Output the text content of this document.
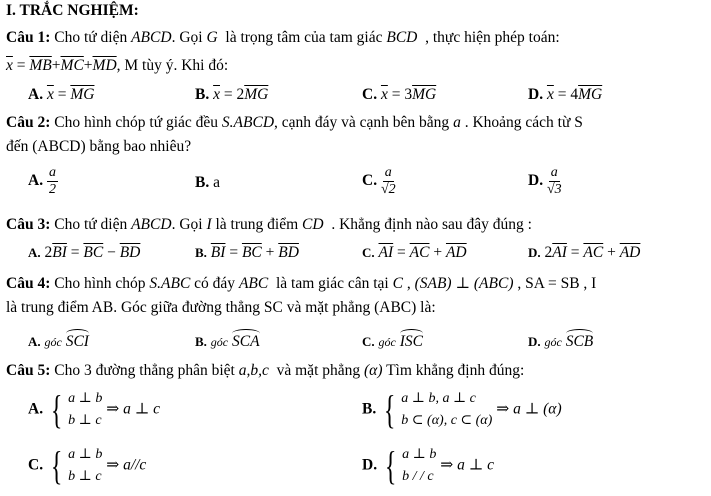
I. TRẮC NGHIỆM:
Câu 1: Cho tứ diện ABCD. Gọi G là trọng tâm của tam giác BCD , thực hiện phép toán:
$\overline{x} = \overline{MB}+\overline{MC}+\overline{MD}$, M tùy ý. Khi đó:
A. $\overline{x} = \overline{MG}$	B. $\overline{x} = 2\overline{MG}$	C. $\overline{x} = 3\overline{MG}$	D. $\overline{x} = 4\overline{MG}$
Câu 2: Cho hình chóp tứ giác đều S.ABCD, cạnh đáy và cạnh bên bằng a . Khoảng cách từ S
đến (ABCD) bằng bao nhiêu?
A. $\frac{a}{2}$	B. a	C. $\frac{a}{√2}$	D. $\frac{a}{√3}$
Câu 3: Cho tứ diện ABCD. Gọi I là trung điểm CD . Khẳng định nào sau đây đúng :
A. $2\overline{BI} = \overline{BC} - \overline{BD}$	B. $\overline{BI} = \overline{BC} + \overline{BD}$	C. $\overline{AI} = \overline{AC} + \overline{AD}$	D. $2\overline{AI} = \overline{AC} + \overline{AD}$
Câu 4: Cho hình chóp S.ABC có đáy ABC là tam giác cân tại C , (SAB) ⊥ (ABC) , SA = SB , I
là trung điểm AB. Góc giữa đường thẳng SC và mặt phẳng (ABC) là:
A. góc SCI	B. góc SCA	C. góc ISC	D. góc SCB
Câu 5: Cho 3 đường thẳng phân biệt a,b,c và mặt phẳng (α) Tìm khẳng định đúng:
A. { a ⊥ b
b ⊥ c
⇒ a ⊥ c	B. { a ⊥ b, a ⊥ c
b ⊂ (α), c ⊂ (α)
⇒ a ⊥ (α)
C. { a ⊥ b
b ⊥ c
⇒ a//c	D. { a ⊥ b
b / / c
⇒ a ⊥ c
